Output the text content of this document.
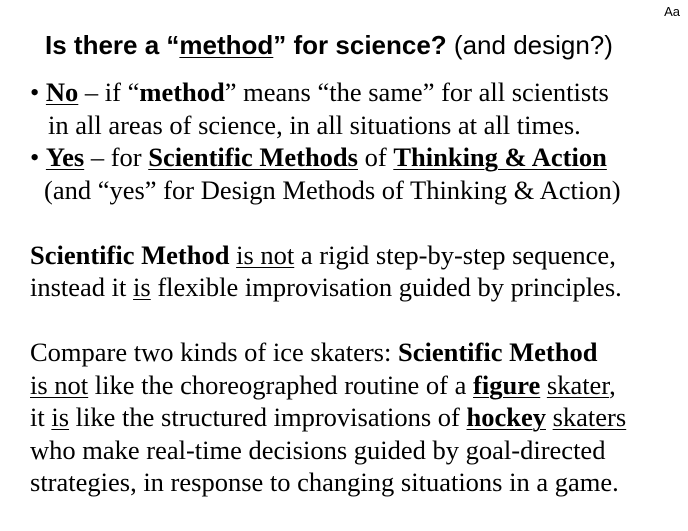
Aa
Is there a “method” for science? (and design?)
• No – if “method” means “the same” for all scientists
in all areas of science, in all situations at all times.
• Yes – for Scientific Methods of Thinking & Action
(and “yes” for Design Methods of Thinking & Action)
Scientific Method is not a rigid step-by-step sequence,
instead it is flexible improvisation guided by principles.
Compare two kinds of ice skaters: Scientific Method
is not like the choreographed routine of a figure skater,
it is like the structured improvisations of hockey skaters
who make real-time decisions guided by goal-directed
strategies, in response to changing situations in a game.
